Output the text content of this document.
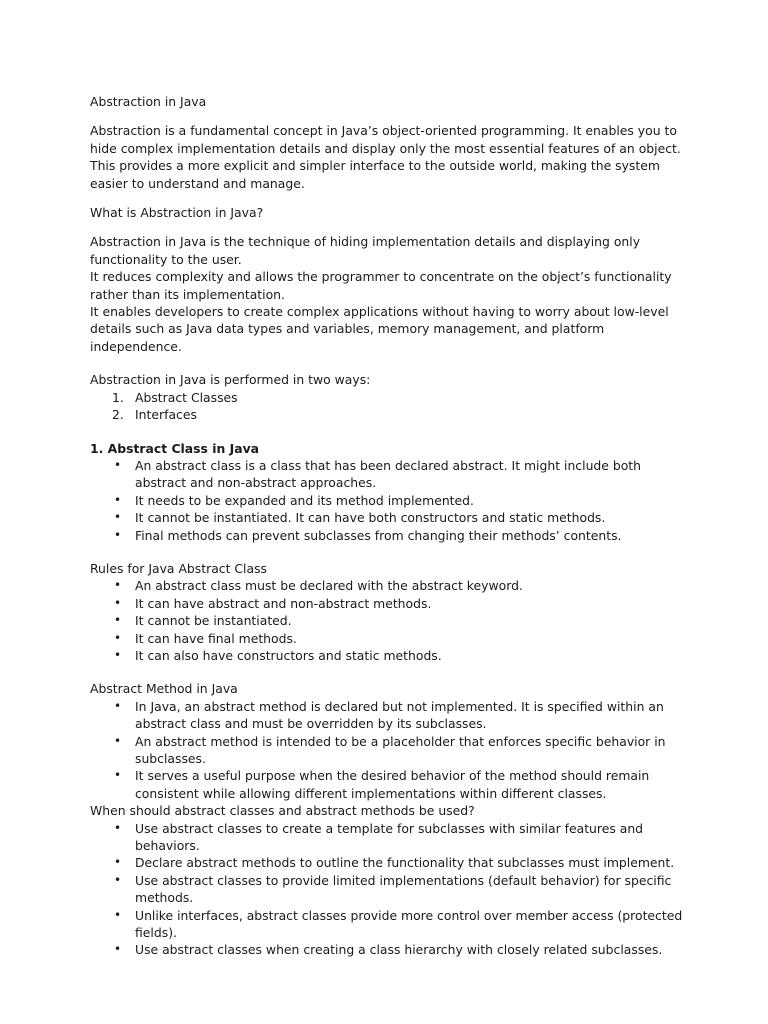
Abstraction in Java

Abstraction is a fundamental concept in Java’s object-oriented programming. It enables you to hide complex implementation details and display only the most essential features of an object. This provides a more explicit and simpler interface to the outside world, making the system easier to understand and manage.

What is Abstraction in Java?

Abstraction in Java is the technique of hiding implementation details and displaying only functionality to the user.
It reduces complexity and allows the programmer to concentrate on the object’s functionality rather than its implementation.
It enables developers to create complex applications without having to worry about low-level details such as Java data types and variables, memory management, and platform independence.

Abstraction in Java is performed in two ways:

1. Abstract Classes
2. Interfaces

1. Abstract Class in Java

• An abstract class is a class that has been declared abstract. It might include both abstract and non-abstract approaches.
• It needs to be expanded and its method implemented.
• It cannot be instantiated. It can have both constructors and static methods.
• Final methods can prevent subclasses from changing their methods’ contents.

Rules for Java Abstract Class

• An abstract class must be declared with the abstract keyword.
• It can have abstract and non-abstract methods.
• It cannot be instantiated.
• It can have final methods.
• It can also have constructors and static methods.

Abstract Method in Java

• In Java, an abstract method is declared but not implemented. It is specified within an abstract class and must be overridden by its subclasses.
• An abstract method is intended to be a placeholder that enforces specific behavior in subclasses.
• It serves a useful purpose when the desired behavior of the method should remain consistent while allowing different implementations within different classes.

When should abstract classes and abstract methods be used?

• Use abstract classes to create a template for subclasses with similar features and behaviors.
• Declare abstract methods to outline the functionality that subclasses must implement.
• Use abstract classes to provide limited implementations (default behavior) for specific methods.
• Unlike interfaces, abstract classes provide more control over member access (protected fields).
• Use abstract classes when creating a class hierarchy with closely related subclasses.
